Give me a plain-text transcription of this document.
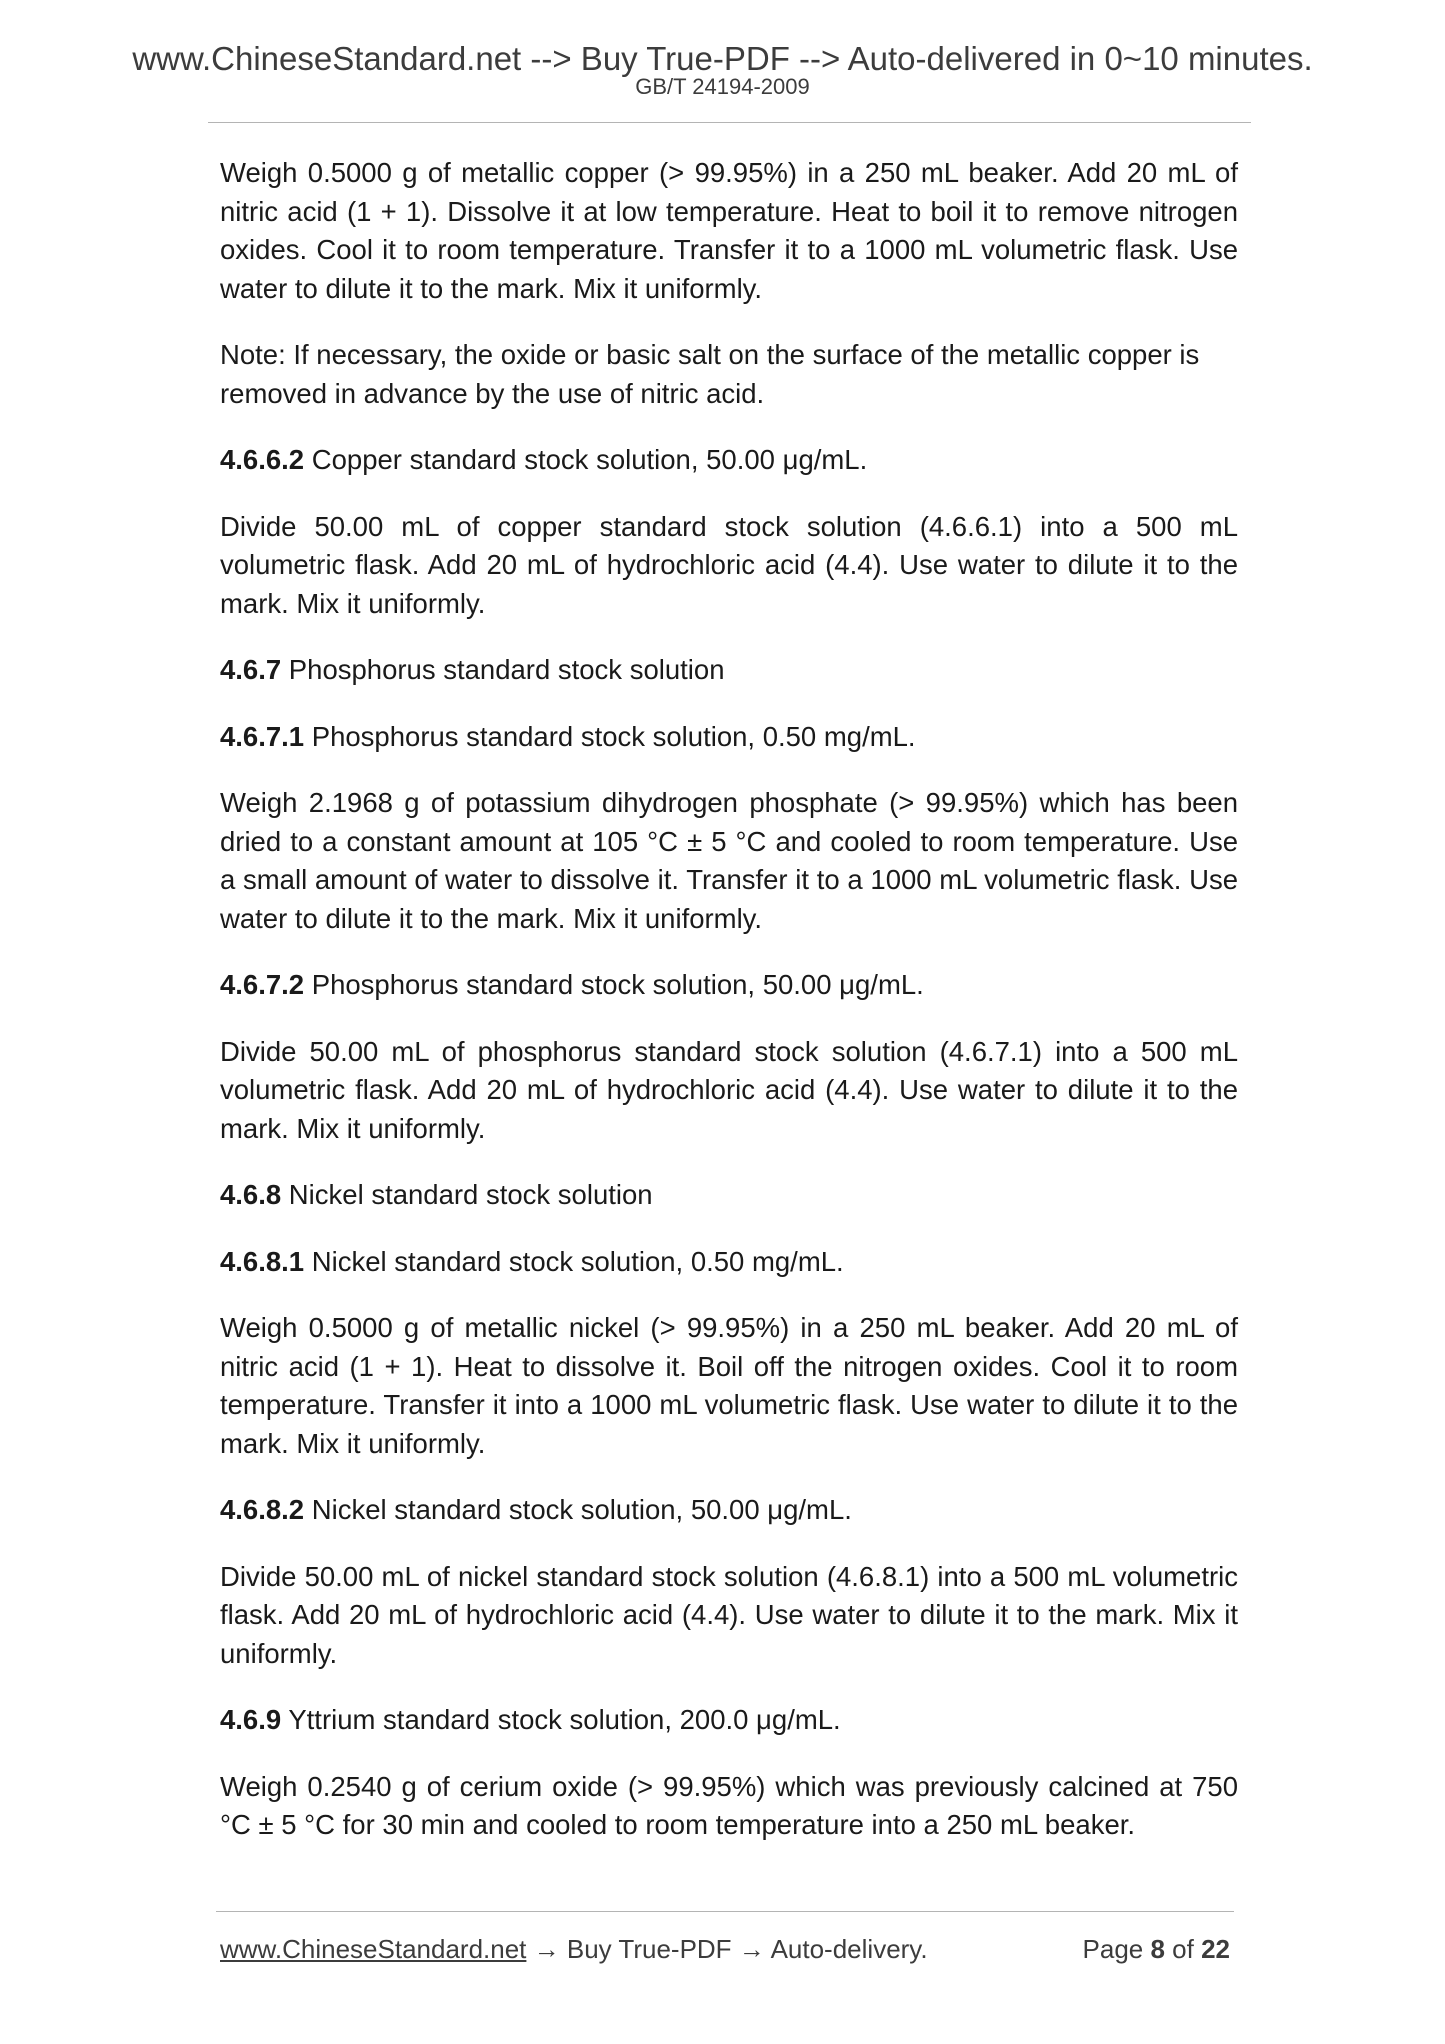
www.ChineseStandard.net --> Buy True-PDF --> Auto-delivered in 0~10 minutes.
GB/T 24194-2009

Weigh 0.5000 g of metallic copper (> 99.95%) in a 250 mL beaker. Add 20 mL of nitric acid (1 + 1). Dissolve it at low temperature. Heat to boil it to remove nitrogen oxides. Cool it to room temperature. Transfer it to a 1000 mL volumetric flask. Use water to dilute it to the mark. Mix it uniformly.

Note: If necessary, the oxide or basic salt on the surface of the metallic copper is removed in advance by the use of nitric acid.

4.6.6.2 Copper standard stock solution, 50.00 μg/mL.

Divide 50.00 mL of copper standard stock solution (4.6.6.1) into a 500 mL volumetric flask. Add 20 mL of hydrochloric acid (4.4). Use water to dilute it to the mark. Mix it uniformly.

4.6.7 Phosphorus standard stock solution

4.6.7.1 Phosphorus standard stock solution, 0.50 mg/mL.

Weigh 2.1968 g of potassium dihydrogen phosphate (> 99.95%) which has been dried to a constant amount at 105 °C ± 5 °C and cooled to room temperature. Use a small amount of water to dissolve it. Transfer it to a 1000 mL volumetric flask. Use water to dilute it to the mark. Mix it uniformly.

4.6.7.2 Phosphorus standard stock solution, 50.00 μg/mL.

Divide 50.00 mL of phosphorus standard stock solution (4.6.7.1) into a 500 mL volumetric flask. Add 20 mL of hydrochloric acid (4.4). Use water to dilute it to the mark. Mix it uniformly.

4.6.8 Nickel standard stock solution

4.6.8.1 Nickel standard stock solution, 0.50 mg/mL.

Weigh 0.5000 g of metallic nickel (> 99.95%) in a 250 mL beaker. Add 20 mL of nitric acid (1 + 1). Heat to dissolve it. Boil off the nitrogen oxides. Cool it to room temperature. Transfer it into a 1000 mL volumetric flask. Use water to dilute it to the mark. Mix it uniformly.

4.6.8.2 Nickel standard stock solution, 50.00 μg/mL.

Divide 50.00 mL of nickel standard stock solution (4.6.8.1) into a 500 mL volumetric flask. Add 20 mL of hydrochloric acid (4.4). Use water to dilute it to the mark. Mix it uniformly.

4.6.9 Yttrium standard stock solution, 200.0 μg/mL.

Weigh 0.2540 g of cerium oxide (> 99.95%) which was previously calcined at 750 °C ± 5 °C for 30 min and cooled to room temperature into a 250 mL beaker.

www.ChineseStandard.net → Buy True-PDF → Auto-delivery.	Page 8 of 22
